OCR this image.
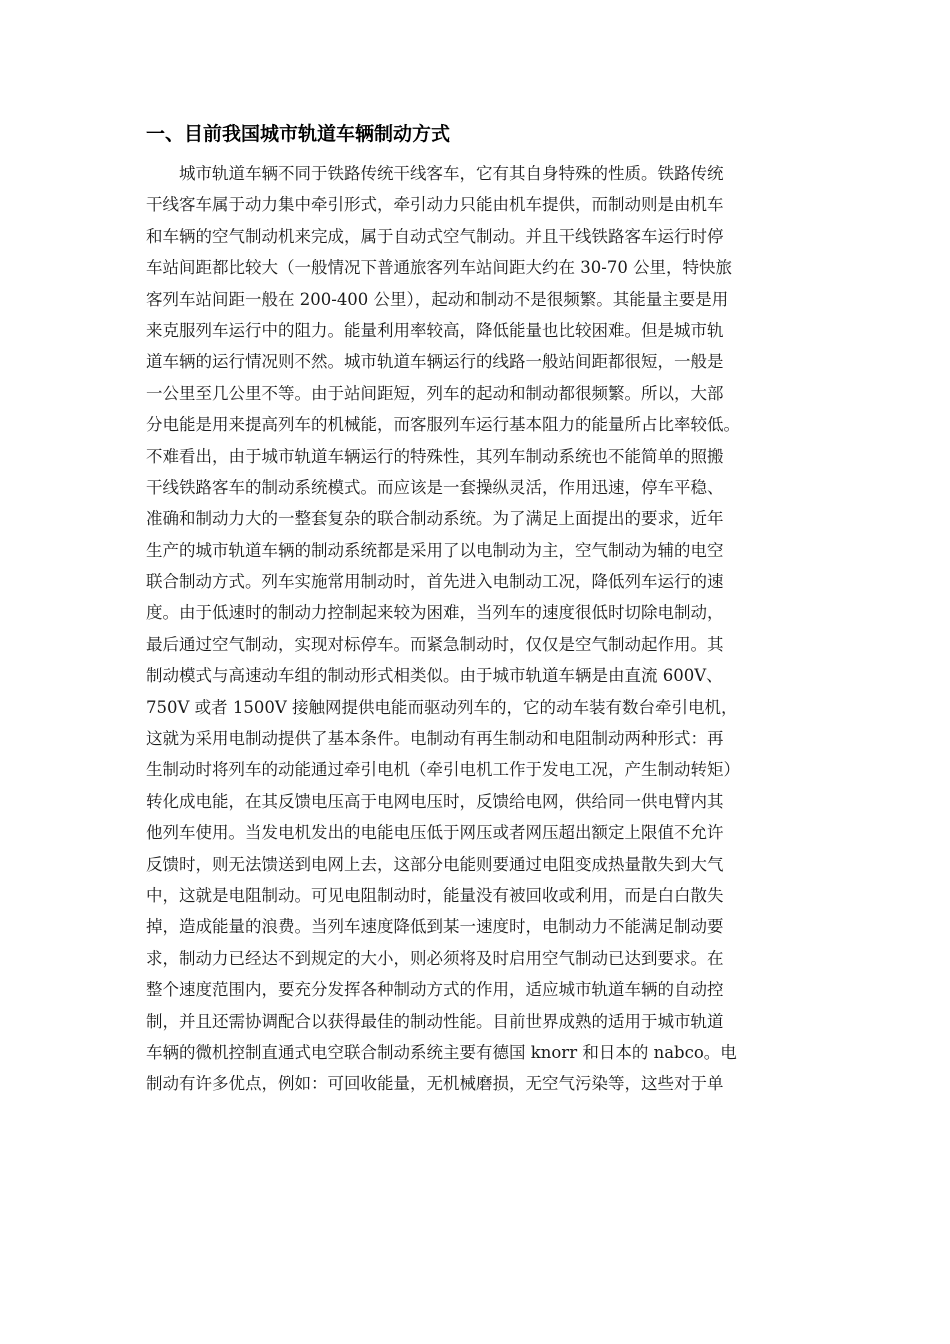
一、目前我国城市轨道车辆制动方式
　　城市轨道车辆不同于铁路传统干线客车，它有其自身特殊的性质。铁路传统
干线客车属于动力集中牵引形式，牵引动力只能由机车提供，而制动则是由机车
和车辆的空气制动机来完成，属于自动式空气制动。并且干线铁路客车运行时停
车站间距都比较大（一般情况下普通旅客列车站间距大约在 30-70 公里，特快旅
客列车站间距一般在 200-400 公里），起动和制动不是很频繁。其能量主要是用
来克服列车运行中的阻力。能量利用率较高，降低能量也比较困难。但是城市轨
道车辆的运行情况则不然。城市轨道车辆运行的线路一般站间距都很短，一般是
一公里至几公里不等。由于站间距短，列车的起动和制动都很频繁。所以，大部
分电能是用来提高列车的机械能，而客服列车运行基本阻力的能量所占比率较低。
不难看出，由于城市轨道车辆运行的特殊性，其列车制动系统也不能简单的照搬
干线铁路客车的制动系统模式。而应该是一套操纵灵活，作用迅速，停车平稳、
准确和制动力大的一整套复杂的联合制动系统。为了满足上面提出的要求，近年
生产的城市轨道车辆的制动系统都是采用了以电制动为主，空气制动为辅的电空
联合制动方式。列车实施常用制动时，首先进入电制动工况，降低列车运行的速
度。由于低速时的制动力控制起来较为困难，当列车的速度很低时切除电制动，
最后通过空气制动，实现对标停车。而紧急制动时，仅仅是空气制动起作用。其
制动模式与高速动车组的制动形式相类似。由于城市轨道车辆是由直流 600V、
750V 或者 1500V 接触网提供电能而驱动列车的，它的动车装有数台牵引电机，
这就为采用电制动提供了基本条件。电制动有再生制动和电阻制动两种形式：再
生制动时将列车的动能通过牵引电机（牵引电机工作于发电工况，产生制动转矩）
转化成电能，在其反馈电压高于电网电压时，反馈给电网，供给同一供电臂内其
他列车使用。当发电机发出的电能电压低于网压或者网压超出额定上限值不允许
反馈时，则无法馈送到电网上去，这部分电能则要通过电阻变成热量散失到大气
中，这就是电阻制动。可见电阻制动时，能量没有被回收或利用，而是白白散失
掉，造成能量的浪费。当列车速度降低到某一速度时，电制动力不能满足制动要
求，制动力已经达不到规定的大小，则必须将及时启用空气制动已达到要求。在
整个速度范围内，要充分发挥各种制动方式的作用，适应城市轨道车辆的自动控
制，并且还需协调配合以获得最佳的制动性能。目前世界成熟的适用于城市轨道
车辆的微机控制直通式电空联合制动系统主要有德国 knorr 和日本的 nabco。电
制动有许多优点，例如：可回收能量，无机械磨损，无空气污染等，这些对于单
